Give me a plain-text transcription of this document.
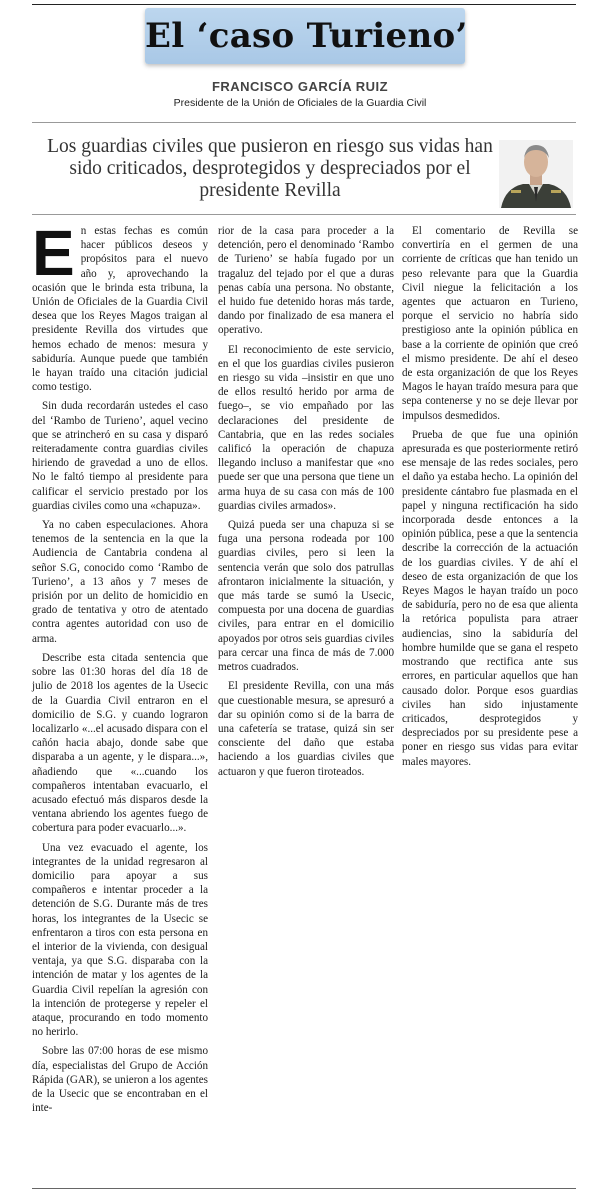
El ‘caso Turieno’
FRANCISCO GARCÍA RUIZ
Presidente de la Unión de Oficiales de la Guardia Civil
Los guardias civiles que pusieron en riesgo sus vidas han sido criticados, desprotegidos y despreciados por el presidente Revilla

En estas fechas es común hacer públicos deseos y propósitos para el nuevo año y, aprovechando la ocasión que le brinda esta tribuna, la Unión de Oficiales de la Guardia Civil desea que los Reyes Magos traigan al presidente Revilla dos virtudes que hemos echado de menos: mesura y sabiduría. Aunque puede que también le hayan traído una citación judicial como testigo.

Sin duda recordarán ustedes el caso del ‘Rambo de Turieno’, aquel vecino que se atrincheró en su casa y disparó reiteradamente contra guardias civiles hiriendo de gravedad a uno de ellos. No le faltó tiempo al presidente para calificar el servicio prestado por los guardias civiles como una «chapuza».

Ya no caben especulaciones. Ahora tenemos de la sentencia en la que la Audiencia de Cantabria condena al señor S.G, conocido como ‘Rambo de Turieno’, a 13 años y 7 meses de prisión por un delito de homicidio en grado de tentativa y otro de atentado contra agentes autoridad con uso de arma.

Describe esta citada sentencia que sobre las 01:30 horas del día 18 de julio de 2018 los agentes de la Usecic de la Guardia Civil entraron en el domicilio de S.G. y cuando lograron localizarlo «...el acusado dispara con el cañón hacia abajo, donde sabe que disparaba a un agente, y le dispara...», añadiendo que «...cuando los compañeros intentaban evacuarlo, el acusado efectuó más disparos desde la ventana abriendo los agentes fuego de cobertura para poder evacuarlo...».

Una vez evacuado el agente, los integrantes de la unidad regresaron al domicilio para apoyar a sus compañeros e intentar proceder a la detención de S.G. Durante más de tres horas, los integrantes de la Usecic se enfrentaron a tiros con esta persona en el interior de la vivienda, con desigual ventaja, ya que S.G. disparaba con la intención de matar y los agentes de la Guardia Civil repelían la agresión con la intención de protegerse y repeler el ataque, procurando en todo momento no herirlo.

Sobre las 07:00 horas de ese mismo día, especialistas del Grupo de Acción Rápida (GAR), se unieron a los agentes de la Usecic que se encontraban en el inte-

rior de la casa para proceder a la detención, pero el denominado ‘Rambo de Turieno’ se había fugado por un tragaluz del tejado por el que a duras penas cabía una persona. No obstante, el huido fue detenido horas más tarde, dando por finalizado de esa manera el operativo.

El reconocimiento de este servicio, en el que los guardias civiles pusieron en riesgo su vida –insistir en que uno de ellos resultó herido por arma de fuego–, se vio empañado por las declaraciones del presidente de Cantabria, que en las redes sociales calificó la operación de chapuza llegando incluso a manifestar que «no puede ser que una persona que tiene un arma huya de su casa con más de 100 guardias civiles armados».

Quizá pueda ser una chapuza si se fuga una persona rodeada por 100 guardias civiles, pero si leen la sentencia verán que solo dos patrullas afrontaron inicialmente la situación, y que más tarde se sumó la Usecic, compuesta por una docena de guardias civiles, para entrar en el domicilio apoyados por otros seis guardias civiles para cercar una finca de más de 7.000 metros cuadrados.

El presidente Revilla, con una más que cuestionable mesura, se apresuró a dar su opinión como si de la barra de una cafetería se tratase, quizá sin ser consciente del daño que estaba haciendo a los guardias civiles que actuaron y que fueron tiroteados.

El comentario de Revilla se convertiría en el germen de una corriente de críticas que han tenido un peso relevante para que la Guardia Civil niegue la felicitación a los agentes que actuaron en Turieno, porque el servicio no habría sido prestigioso ante la opinión pública en base a la corriente de opinión que creó el mismo presidente. De ahí el deseo de esta organización de que los Reyes Magos le hayan traído mesura para que sepa contenerse y no se deje llevar por impulsos desmedidos.

Prueba de que fue una opinión apresurada es que posteriormente retiró ese mensaje de las redes sociales, pero el daño ya estaba hecho. La opinión del presidente cántabro fue plasmada en el papel y ninguna rectificación ha sido incorporada desde entonces a la opinión pública, pese a que la sentencia describe la corrección de la actuación de los guardias civiles. Y de ahí el deseo de esta organización de que los Reyes Magos le hayan traído un poco de sabiduría, pero no de esa que alienta la retórica populista para atraer audiencias, sino la sabiduría del hombre humilde que se gana el respeto mostrando que rectifica ante sus errores, en particular aquellos que han causado dolor. Porque esos guardias civiles han sido injustamente criticados, desprotegidos y despreciados por su presidente pese a poner en riesgo sus vidas para evitar males mayores.
